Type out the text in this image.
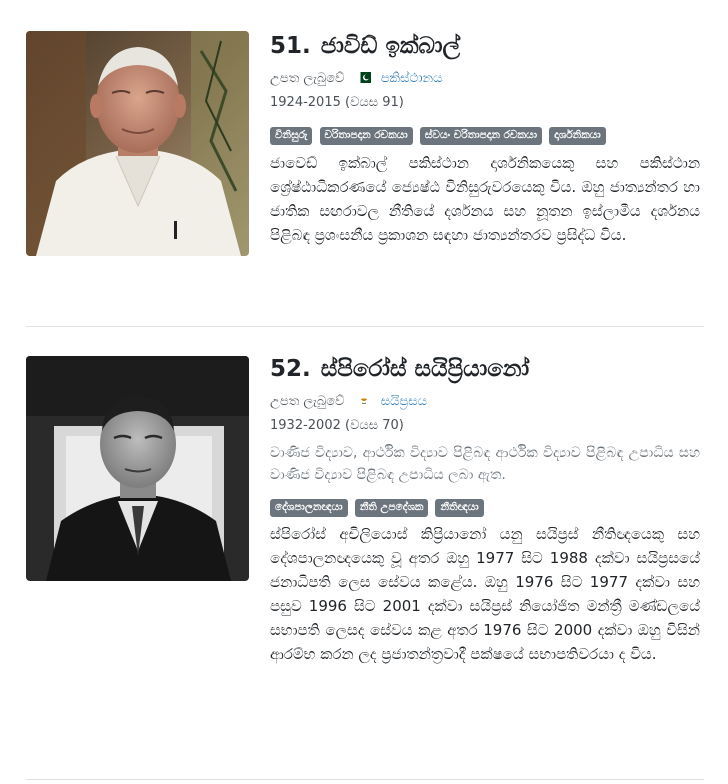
51. ජාවිඩ් ඉක්බාල්
උපත ලැබුවේ	පකිස්ථානය
1924-2015 (වයස 91)
විනිසුරු චරිතාපදාන රචකයා ස්වයං චරිතාපදාන රචකයා දාර්ශනිකයා
ජාවෙඩ් ඉක්බාල් පකිස්ථාන දාර්ශනිකයෙකු සහ පකිස්ථාන ශ්‍රේෂ්ඨාධිකරණයේ ජ්‍යෙෂ්ඨ විනිසුරුවරයෙකු විය. ඔහු ජාත්‍යන්තර හා ජාතික සඟරාවල නීතියේ දර්ශනය සහ නූතන ඉස්ලාමීය දර්ශනය පිළිබඳ ප්‍රශංසනීය ප්‍රකාශන සඳහා ජාත්‍යන්තරව ප්‍රසිද්ධ විය.
52. ස්පිරෝස් සයිප්‍රියානෝ
උපත ලැබුවේ	සයිප්‍රසය
1932-2002 (වයස 70)
වාණිජ විද්‍යාව, ආර්ථික විද්‍යාව පිළිබඳ ආර්ථික විද්‍යාව පිළිබඳ උපාධිය සහ වාණිජ විද්‍යාව පිළිබඳ උපාධිය ලබා ඇත.
දේශපාලනඥයා නීති උපදේශක නීතිඥයා
ස්පිරෝස් අචිලියොස් කිප්‍රියානෝ යනු සයිප්‍රස් නීතිඥයෙකු සහ දේශපාලනඥයෙකු වූ අතර ඔහු 1977 සිට 1988 දක්වා සයිප්‍රසයේ ජනාධිපති ලෙස සේවය කළේය. ඔහු 1976 සිට 1977 දක්වා සහ පසුව 1996 සිට 2001 දක්වා සයිප්‍රස් නියෝජිත මන්ත්‍රී මණ්ඩලයේ සභාපති ලෙසද සේවය කළ අතර 1976 සිට 2000 දක්වා ඔහු විසින් ආරම්භ කරන ලද ප්‍රජාතන්ත්‍රවාදී පක්ෂයේ සභාපතිවරයා ද විය.
